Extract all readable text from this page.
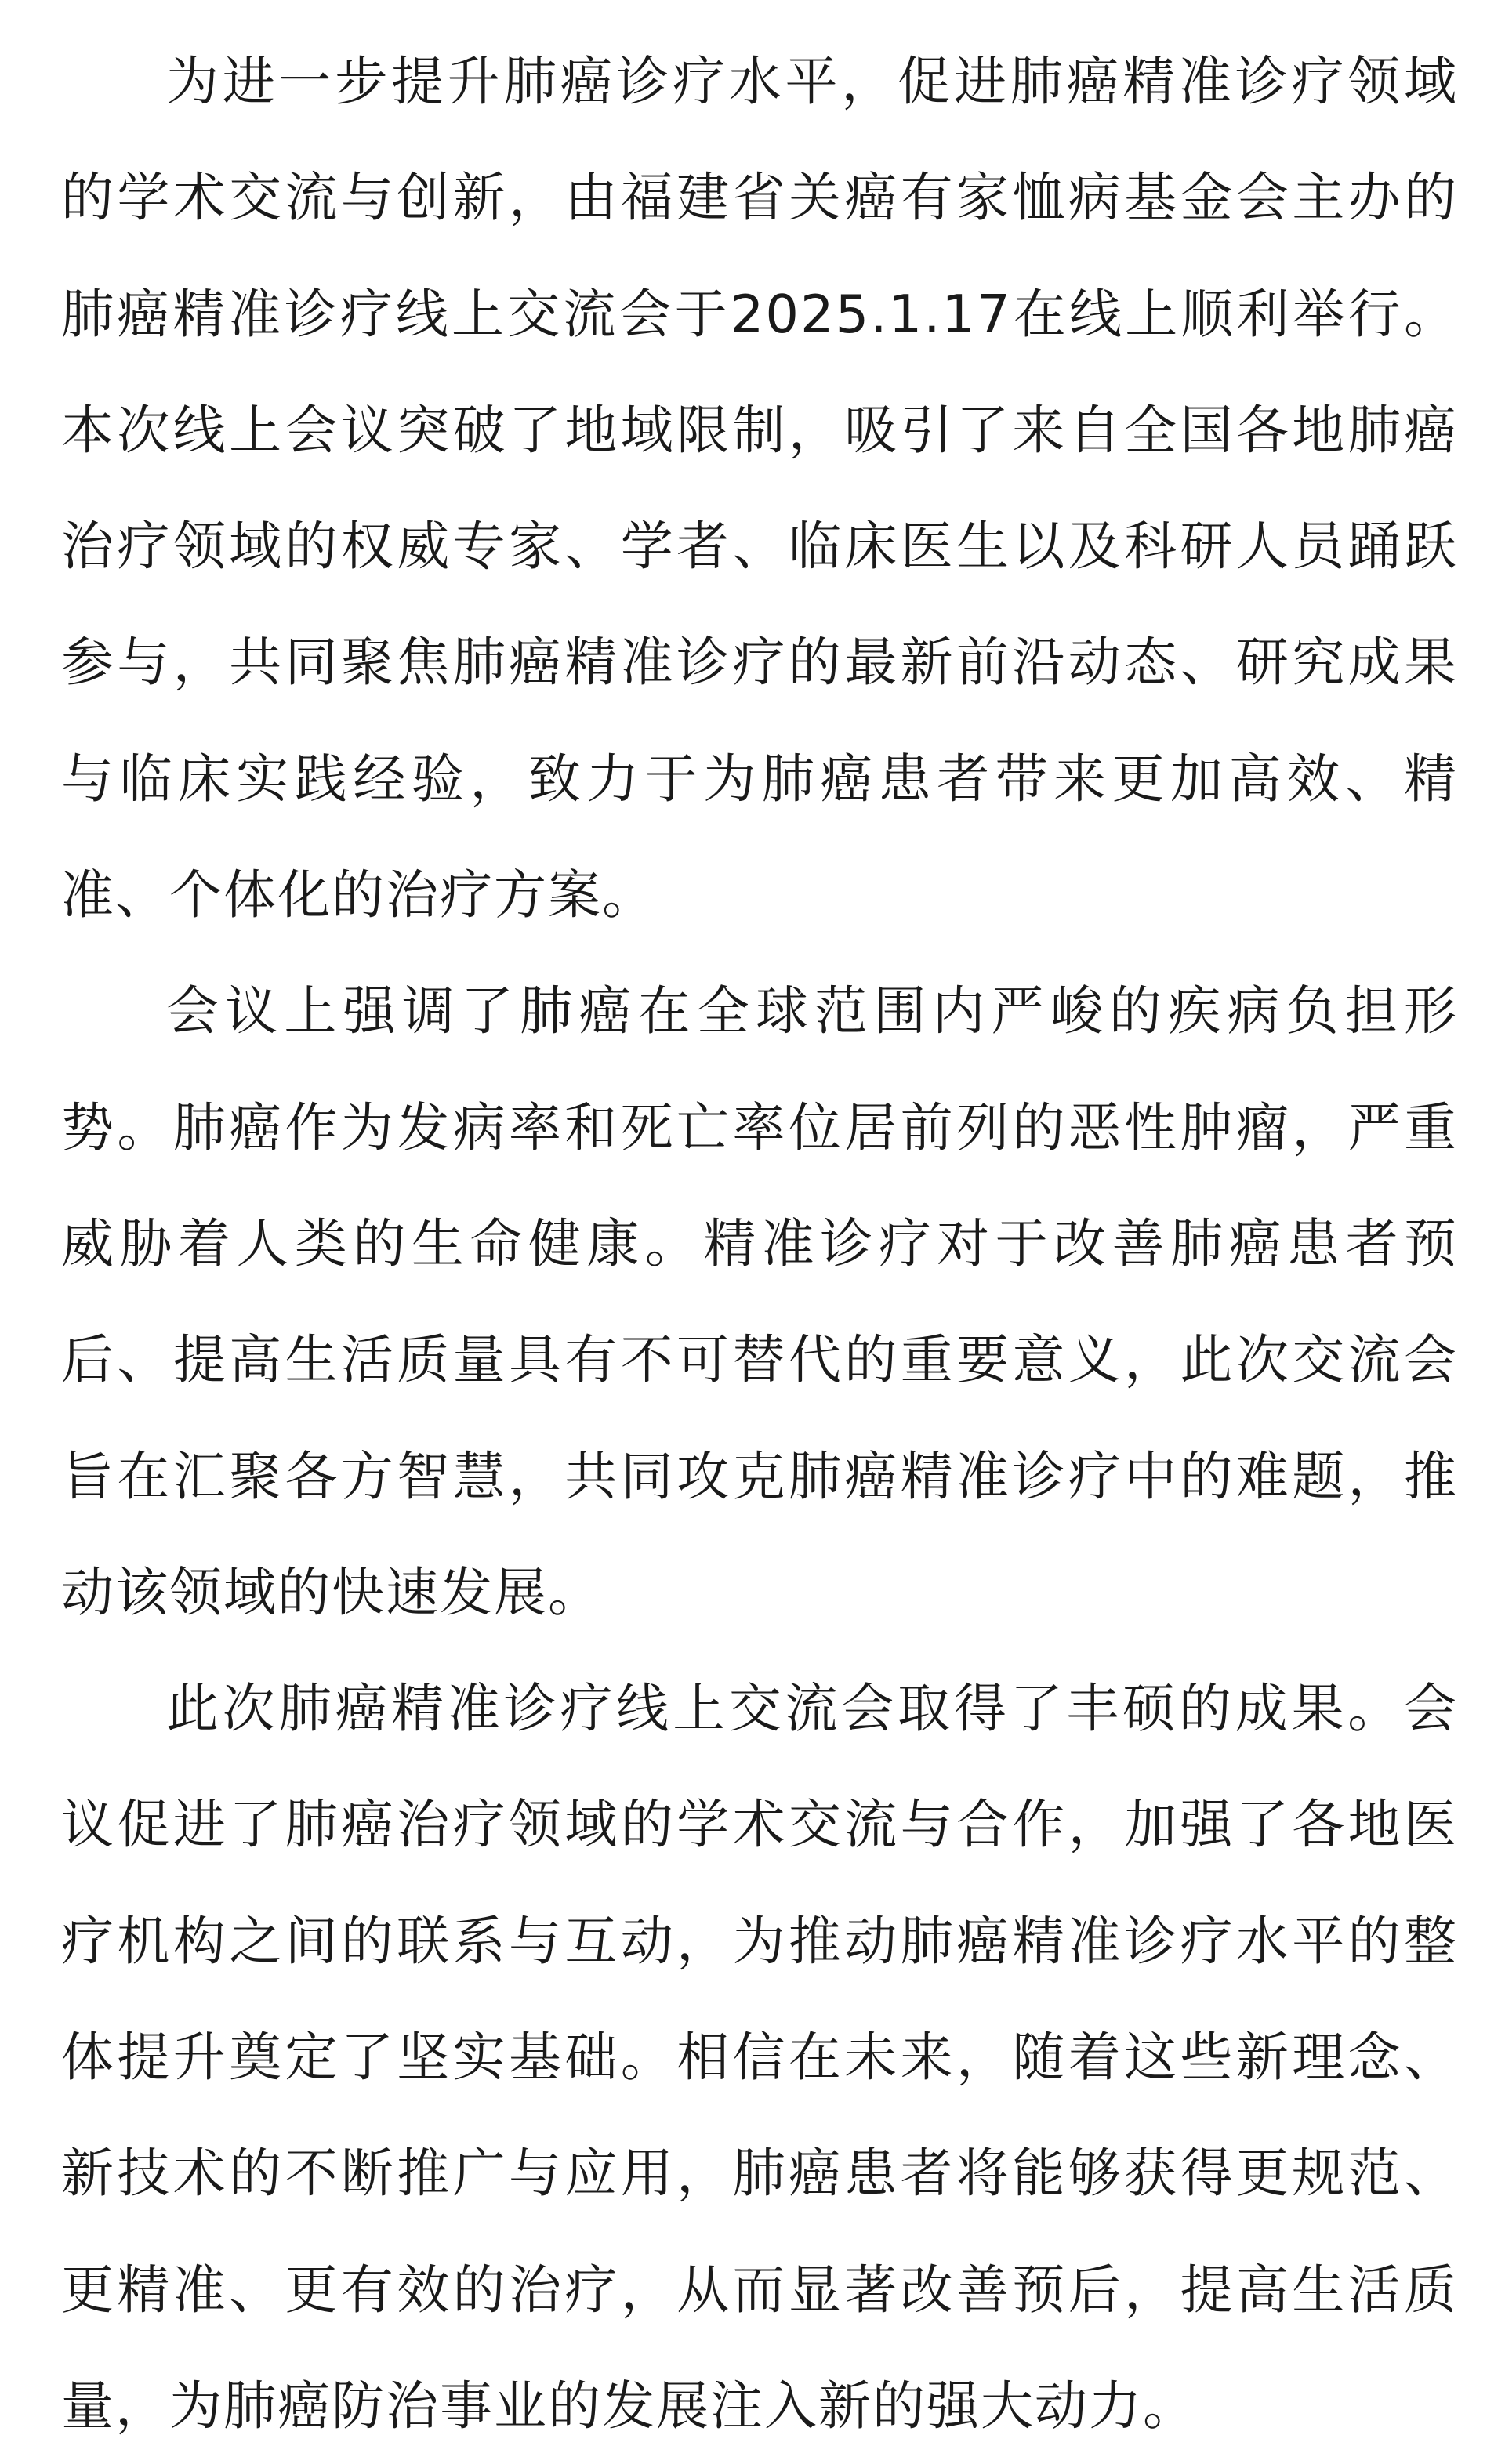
为进一步提升肺癌诊疗水平，促进肺癌精准诊疗领域的学术交流与创新，由福建省关癌有家恤病基金会主办的肺癌精准诊疗线上交流会于2025.1.17在线上顺利举行。本次线上会议突破了地域限制，吸引了来自全国各地肺癌治疗领域的权威专家、学者、临床医生以及科研人员踊跃参与，共同聚焦肺癌精准诊疗的最新前沿动态、研究成果与临床实践经验，致力于为肺癌患者带来更加高效、精准、个体化的治疗方案。

会议上强调了肺癌在全球范围内严峻的疾病负担形势。肺癌作为发病率和死亡率位居前列的恶性肿瘤，严重威胁着人类的生命健康。精准诊疗对于改善肺癌患者预后、提高生活质量具有不可替代的重要意义，此次交流会旨在汇聚各方智慧，共同攻克肺癌精准诊疗中的难题，推动该领域的快速发展。

此次肺癌精准诊疗线上交流会取得了丰硕的成果。会议促进了肺癌治疗领域的学术交流与合作，加强了各地医疗机构之间的联系与互动，为推动肺癌精准诊疗水平的整体提升奠定了坚实基础。相信在未来，随着这些新理念、新技术的不断推广与应用，肺癌患者将能够获得更规范、更精准、更有效的治疗，从而显著改善预后，提高生活质量，为肺癌防治事业的发展注入新的强大动力。
